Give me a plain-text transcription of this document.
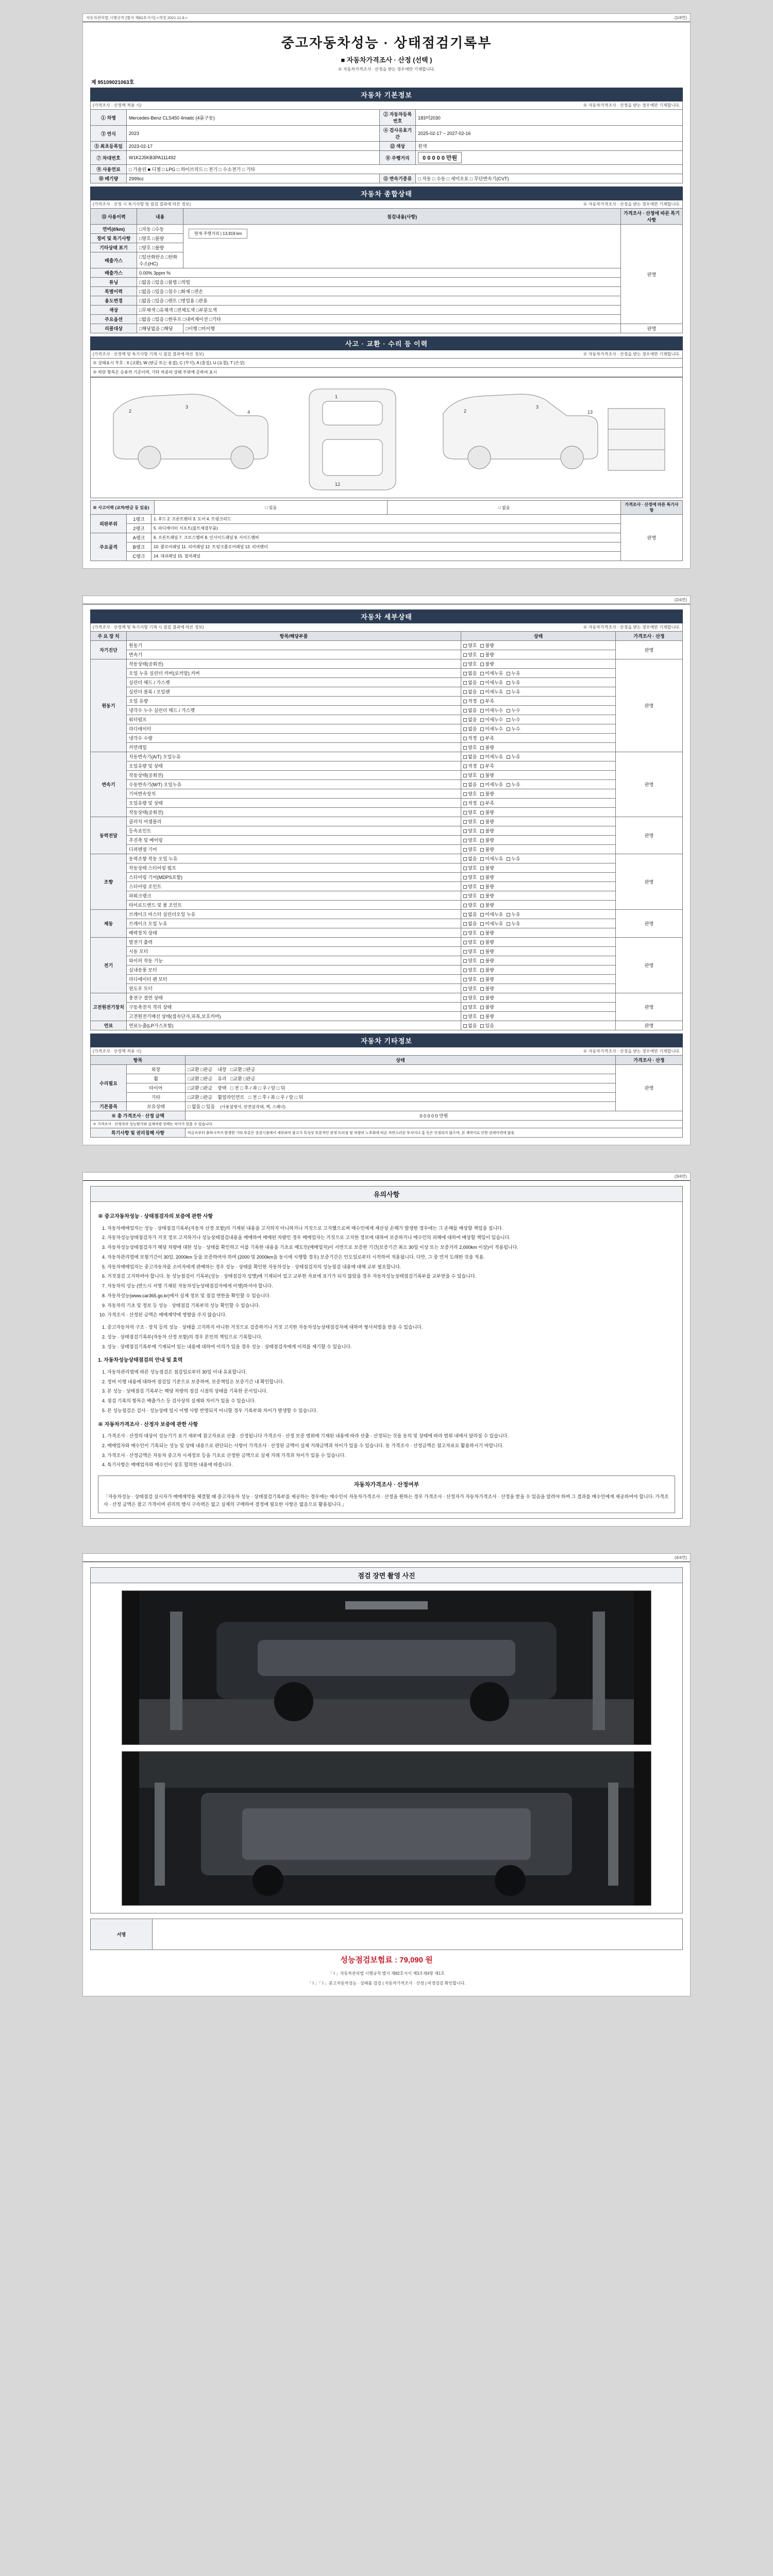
자동차관리법 시행규칙 [별지 제82호서식] <개정 2021.11.9.>	(1/4면)
중고자동차성능 · 상태점검기록부
■ 자동차가격조사 · 산정 (선택 )
※ 자동차가격조사 · 산정을 받는 경우에만 기재합니다.
제 95109021063호
자동차 기본정보
(가격조사 · 산정액 적용 시)	※ 자동차가격조사 · 산정을 받는 경우에만 기재합니다.
① 차명	Mercedes-Benz CLS450 4matic (4륜구동)	② 자동차등록번호	183머2030
③ 연식	2023	④ 검사유효기간	2025-02-17 ~ 2027-02-16
⑤ 최초등록일	2023-02-17	⑫ 색상	흰색
⑦ 차대번호	W1K2J5KB3PA111492	⑧ 주행거리	0 0 0 0 0 만원
⑨ 사용연료	□ 가솔린 ■ 디젤 □ LPG □ 하이브리드 □ 전기 □ 수소전기 □ 기타		
⑩ 배기량	2999cc	⑪ 변속기종류	□ 자동 □ 수동 □ 세미오토 □ 무단변속기(CVT)
자동차 종합상태
(가격조사 · 산정 시 특기사항 및 점검 결과에 따른 정보)	※ 자동차가격조사 · 산정을 받는 경우에만 기재합니다.
⑬ 사용이력	내용	점검내용(사항)	가격조사 · 산정에 따른 특기사항
연비(ℓ/km)	□자동 □수동	현재 주행거리 | 13,919 km	판명
정비 및 특기사항	□양호 □불량		
기타상태 표기	□양호 □불량		
배출가스	□일산화탄소 □탄화수소(HC)		
배출가스	0.00% 3ppm %		
튜닝	□없음 □있음 □불법 □적법		
특별이력	□없음 □있음 □침수 □화재 □전손		
용도변경	□없음 □있음 □렌트 □영업용 □관용		
색상	□무채색 □유채색 □전체도색 □부분도색		
주요옵션	□없음 □있음 □썬루프 □내비게이션 □기타		
리콜대상	□해당없음 □해당	□이행 □미이행	판명
사고 · 교환 · 수리 등 이력
(가격조사 · 산정액 및 특기사항 기재 시 점검 결과에 따른 정보)	※ 자동차가격조사 · 산정을 받는 경우에만 기재합니다.
※ 상태표시 부호 : X (교환), W (판금 또는 용접), C (부식), A (흠집), U (요철), T (손상)
※ 하단 항목은 승용차 기준이며, 기타 차종의 상태 부위에 준하여 표시
2
3
4
1
12
2
3
13
※ 사고이력 (교차/판금 등 있음)			□ 있음	□ 없음	가격조사 · 산정에 따른 특기사항
외판부위	1랭크	1. 후드 2. 프론트펜더 3. 도어 4. 트렁크리드			판명
	2랭크	5. 라디에이터 서포트(볼트체결부품)			
주요골격	A랭크	6. 프론트패널 7. 크로스멤버 8. 인사이드패널 9. 사이드멤버			
	B랭크	10. 플로어패널 11. 리어패널 12. 트렁크플로어패널 13. 리어펜더			
	C랭크	14. 대쉬패널 15. 필러패널			
(2/4면)
자동차 세부상태
(가격조사 · 산정액 및 특기사항 기재 시 점검 결과에 따른 정보)	※ 자동차가격조사 · 산정을 받는 경우에만 기재합니다.
주 요 장 치	항목/해당부품	상태	가격조사 · 산정
자기진단	원동기	양호 불량	판명
	변속기	양호 불량	
원동기	작동상태(공회전)	양호 불량	판명
	오일 누유 실린더 커버(로커암) 커버	없음 미세누유 누유	
	실린더 헤드 / 가스켓	없음 미세누유 누유	
	실린더 블록 / 오일팬	없음 미세누유 누유	
	오일 유량	적정 부족	
	냉각수 누수 실린더 헤드 / 가스켓	없음 미세누수 누수	
	워터펌프	없음 미세누수 누수	
	라디에이터	없음 미세누수 누수	
	냉각수 수량	적정 부족	
	커먼레일	양호 불량	
변속기	자동변속기(A/T) 오일누유	없음 미세누유 누유	판명
	오일유량 및 상태	적정 부족	
	작동상태(공회전)	양호 불량	
	수동변속기(M/T) 오일누유	없음 미세누유 누유	
	기어변속장치	양호 불량	
	오일유량 및 상태	적정 부족	
	작동상태(공회전)	양호 불량	
동력전달	클러치 어셈블리	양호 불량	판명
	등속죠인트	양호 불량	
	추진축 및 베어링	양호 불량	
	디퍼렌셜 기어	양호 불량	
조향	동력조향 작동 오일 누유	없음 미세누유 누유	판명
	작동상태 스티어링 펌프	양호 불량	
	스티어링 기어(MDPS포함)	양호 불량	
	스티어링 조인트	양호 불량	
	파워크랭크	양호 불량	
	타이로드엔드 및 볼 조인트	양호 불량	
제동	브레이크 마스터 실린더오일 누유	없음 미세누유 누유	판명
	브레이크 오일 누유	없음 미세누유 누유	
	배력장치 상태	양호 불량	
전기	발전기 출력	양호 불량	판명
	시동 모터	양호 불량	
	와이퍼 작동 기능	양호 불량	
	실내송풍 모터	양호 불량	
	라디에이터 팬 모터	양호 불량	
	윈도우 모터	양호 불량	
고전원전기장치	충전구 절연 상태	양호 불량	판명
	구동축전지 격리 상태	양호 불량	
	고전원전기배선 상태(접속단자,피복,보호커버)	양호 불량	
연료	연료누출(LP가스포함)	없음 있음	판명
자동차 기타정보
(가격조사 · 산정액 적용 시)	※ 자동차가격조사 · 산정을 받는 경우에만 기재합니다.
항목		상태	가격조사 · 산정
수리필요	외장	□교환 □판금 내장 □교환 □판금	판명
	휠	□교환 □판금 유리 □교환 □판금	
	타이어	□교환 □판금 광택 □ 전 □ 후 / 좌 □ 우 / 앞 □ 뒤	
	기타	□교환 □판금 휠얼라인먼트 □ 전 □ 후 / 좌 □ 우 / 앞 □ 뒤	
기본품목	보유상태	□ 없음 □ 있음 (사용설명서, 안전삼각대, 잭, 스패너)	
※ 총 가격조사 · 산정 금액		0 0 0 0 0 만원	
※ 가격조사 · 산정자의 성능평가와 실제차량 상태는 차이가 있을 수 있습니다.			
특기사항 및 권리침해 사항		비금속부터 출하시까지 발생한 기타 부분은 검검시점에서 세부파악 불고가 특성상 부분적인 판정 트러짐 및 차량의 노후화에 따른 자연스러운 부식이나 흠 등은 인정되지 않으며, 본 계약서로 인한 상태이력에 않음	
(3/4면)
유의사항
※ 중고자동차성능 · 상태점검자의 보증에 관한 사항
1. 자동차매매업자는 성능 · 상태점검기록부(자동차 산정 포함)의 기재된 내용을 고지하지 아니하거나 거짓으로 고지했으로써 매수인에게 재산상 손해가 발생한 경우에는 그 손해를 배상할 책임을 집니다.
2. 자동차성능상태점검자가 거짓 정보 고지하거나 성능상태점검내용을 매매하여 매매된 차량인 경우 매매업자는 거짓으로 고지한 정보에 대하여 보증하거나 매수인의 피해에 대하여 배상할 책임이 있습니다.
3. 자동차성능상태점검자가 해당 차량에 대한 성능 · 상태를 확인하고 이를 기록한 내용을 기초로 매도인(매매업자)이 서면으로 보증한 기간(보증기간 최소 30일 이상 또는 보증거리 2,000km 이상)이 적용됩니다.
4. 자동차관리법에 보험기간이 30일, 2000km 등을 보증하여야 하며 (2000 및 2000km을 동시에 시행할 경우) 보증기간은 인도일로부터 시작하여 적용됩니다. 다만, 그 중 먼저 도래한 것을 적용.
5. 자동차매매업자는 중고자동차를 소비자에게 판매하는 경우 성능 · 상태를 확인한 자동차성능 · 상태점검자의 성능점검 내용에 대해 교부 필요합니다.
6. 거짓점검 고지하여야 합니다. 동 성능점검이 기록부(성능 · 상태점검자 성명)에 기재되어 있고 교부한 자료에 표기가 되지 않았을 경우 자동차성능상태점검기록부를 교부받을 수 있습니다.
7. 자동차의 성능 (반드시 서명 기재된 자동차성능상태점검자에게 이행)하셔야 합니다.
8. 자동차성능(www.car365.go.kr)에서 실제 정보 및 점검 연한을 확인할 수 있습니다.
9. 자동차의 기초 및 정보 등 성능 · 상태점검 기록부의 성능 확인할 수 있습니다.
10. 가격조사 · 산정된 금액은 매매계약에 영향을 주지 않습니다.
1. 중고자동차의 구조 · 장치 등의 성능 · 상태를 고지하지 아니한 거짓으로 검증하거나 거짓 고지한 자동차성능상태점검자에 대하여 형사처벌을 받을 수 있습니다.
2. 성능 · 상태점검기록부(자동차 산정 포함)의 경우 본인의 책임으로 기록합니다.
3. 성능 · 상태점검기록부에 기재되어 있는 내용에 대하여 이의가 있을 경우 성능 · 상태점검자에게 이의를 제기할 수 있습니다.
1. 자동차성능상태점검의 안내 및 효력
1. 자동차관리법에 따른 성능점검은 점검일로부터 30일 이내 유효합니다.
2. 정비 이행 내용에 대하여 점검일 기준으로 보증하며, 보증책임은 보증기간 내 확인합니다.
3. 본 성능 · 상태점검 기록부는 해당 차량의 점검 시점의 상태를 기록한 문서입니다.
4. 점검 기록의 항목은 배출가스 등 검사상의 실제와 차이가 있을 수 있습니다.
5. 본 성능점검은 검사 · 성능상태 일시 이행 사항 반영되지 아니할 경우 기록부와 차이가 발생할 수 있습니다.
※ 자동차가격조사 · 산정자 보증에 관한 사항
1. 가격조사 · 산정의 대상이 성능기기 표기 세부에 참고자료로 산출 · 산정됩니다 가격조사 · 산정 보증 범위에 기재된 내용에 따라 산출 · 산정되는 것을 동의 및 상태에 따라 범위 내에서 달라질 수 있습니다.
2. 매매업자와 매수인이 기록되는 성능 및 상태 내용으로 판단되는 사항이 가격조사 · 산정된 금액이 실제 거래금액과 차이가 있을 수 있습니다. 동 가격조사 · 산정금액은 참고자료로 활용하시기 바랍니다.
3. 가격조사 · 산정금액은 자동차 중고차 시세정보 등을 기초로 산정한 금액으로 실제 거래 가격과 차이가 있을 수 있습니다.
4. 특기사항은 매매업자와 매수인이 상호 합의한 내용에 따릅니다.
자동차가격조사 · 산정여부
「자동차성능 · 상태점검 실시자가 매매계약을 체결할 때 중고자동차 성능 · 상태점검기록부를 제공하는 경우에는 매수인이 자동차가격조사 · 산정을 원하는 경우 가격조사 · 산정자가 자동차가격조사 · 산정을 받을 수 있음을 알려야 하며 그 결과를 매수인에게 제공하여야 합니다. 가격조사 · 산정 금액은 참고 가격이며 권리의 행사 구속력은 없고 실제의 구매하여 결정에 필요한 사항은 없음으로 활용됩니다.」
(4/4면)
점검 장면 촬영 사진
서명	
성능점검보험료 : 79,090 원
「 I 」자동차관리법 시행규칙 별지 제82호서식 제3조제4항 제1호
「 I 」「 I 」중고자동차성능 · 상태를 검검 | 자동차가격조사 · 산정 | 비정검검 확인합니다.
